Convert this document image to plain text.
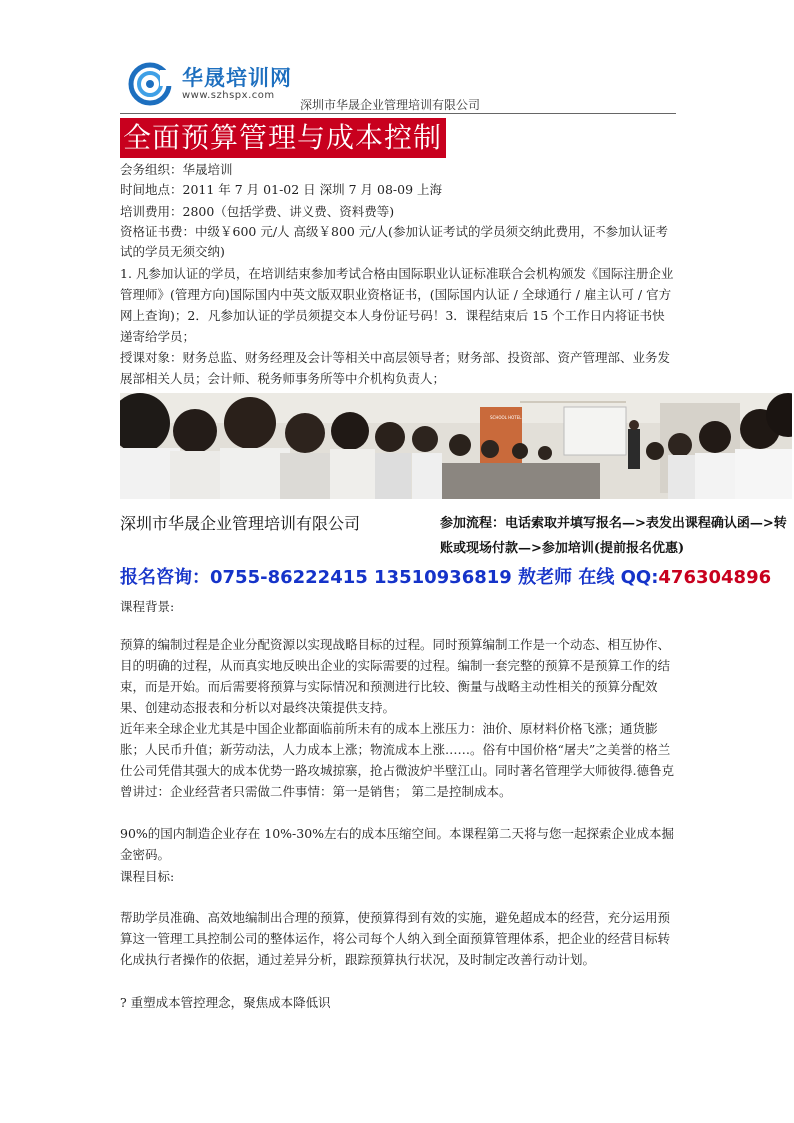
华晟培训网
www.szhspx.com
深圳市华晟企业管理培训有限公司
全面预算管理与成本控制
会务组织：华晟培训
时间地点：2011 年 7 月 01-02 日 深圳 7 月 08-09 上海
培训费用：2800（包括学费、讲义费、资料费等)
资格证书费：中级￥600 元/人 高级￥800 元/人(参加认证考试的学员须交纳此费用，不参加认证考试的学员无须交纳)
1. 凡参加认证的学员，在培训结束参加考试合格由国际职业认证标准联合会机构颁发《国际注册企业管理师》(管理方向)国际国内中英文版双职业资格证书，(国际国内认证 / 全球通行 / 雇主认可 / 官方网上查询)；2．凡参加认证的学员须提交本人身份证号码！3．课程结束后 15 个工作日内将证书快递寄给学员；
授课对象：财务总监、财务经理及会计等相关中高层领导者；财务部、投资部、资产管理部、业务发展部相关人员；会计师、税务师事务所等中介机构负责人；
SCHOOL HOTEL
深圳市华晟企业管理培训有限公司	参加流程：电话索取并填写报名—>表发出课程确认函—>转账或现场付款—>参加培训(提前报名优惠)
报名咨询：0755-86222415 13510936819 敖老师 在线 QQ:476304896
课程背景:
预算的编制过程是企业分配资源以实现战略目标的过程。同时预算编制工作是一个动态、相互协作、目的明确的过程，从而真实地反映出企业的实际需要的过程。编制一套完整的预算不是预算工作的结束，而是开始。而后需要将预算与实际情况和预测进行比较、衡量与战略主动性相关的预算分配效果、创建动态报表和分析以对最终决策提供支持。
近年来全球企业尤其是中国企业都面临前所未有的成本上涨压力：油价、原材料价格飞涨；通货膨胀；人民币升值；新劳动法，人力成本上涨；物流成本上涨……。俗有中国价格“屠夫”之美誉的格兰仕公司凭借其强大的成本优势一路攻城掠寨，抢占微波炉半壁江山。同时著名管理学大师彼得.德鲁克曾讲过：企业经营者只需做二件事情：第一是销售； 第二是控制成本。
90%的国内制造企业存在 10%-30%左右的成本压缩空间。本课程第二天将与您一起探索企业成本掘金密码。
课程目标:
帮助学员准确、高效地编制出合理的预算，使预算得到有效的实施，避免超成本的经营，充分运用预算这一管理工具控制公司的整体运作，将公司每个人纳入到全面预算管理体系，把企业的经营目标转化成执行者操作的依据，通过差异分析，跟踪预算执行状况，及时制定改善行动计划。
? 重塑成本管控理念，聚焦成本降低识
